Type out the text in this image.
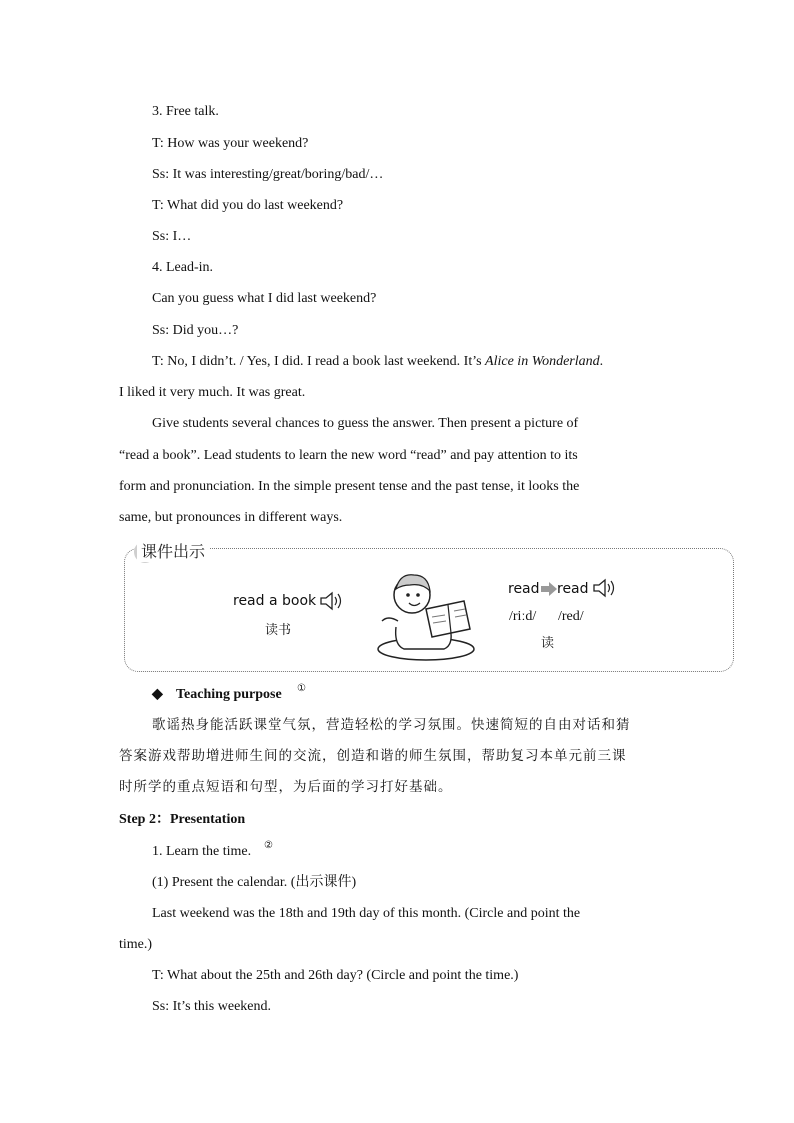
3. Free talk.
T: How was your weekend?
Ss: It was interesting/great/boring/bad/…
T: What did you do last weekend?
Ss: I…
4. Lead-in.
Can you guess what I did last weekend?
Ss: Did you…?
T: No, I didn’t. / Yes, I did. I read a book last weekend. It’s Alice in Wonderland.
I liked it very much. It was great.
Give students several chances to guess the answer. Then present a picture of
“read a book”. Lead students to learn the new word “read” and pay attention to its
form and pronunciation. In the simple present tense and the past tense, it looks the
same, but pronounces in different ways.
课件出示
read a book
读书
read read
/riːd/ /red/
读
◆ Teaching purpose ①
歌谣热身能活跃课堂气氛，营造轻松的学习氛围。快速简短的自由对话和猜
答案游戏帮助增进师生间的交流，创造和谐的师生氛围，帮助复习本单元前三课
时所学的重点短语和句型，为后面的学习打好基础。
Step 2：Presentation
1. Learn the time. ②
(1) Present the calendar. (出示课件)
Last weekend was the 18th and 19th day of this month. (Circle and point the
time.)
T: What about the 25th and 26th day? (Circle and point the time.)
Ss: It’s this weekend.
